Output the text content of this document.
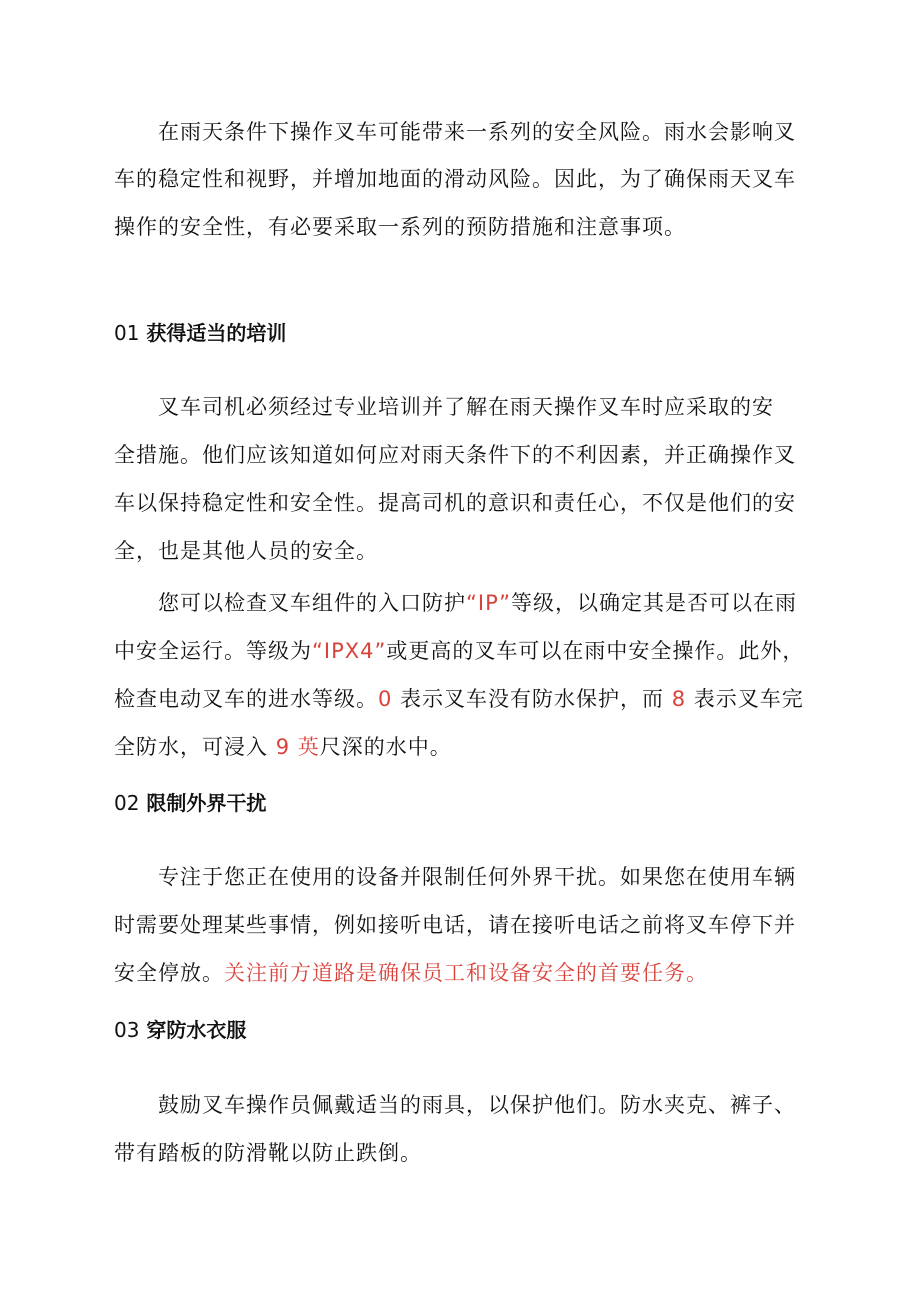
在雨天条件下操作叉车可能带来一系列的安全风险。雨水会影响叉
车的稳定性和视野，并增加地面的滑动风险。因此，为了确保雨天叉车
操作的安全性，有必要采取一系列的预防措施和注意事项。
01 获得适当的培训
叉车司机必须经过专业培训并了解在雨天操作叉车时应采取的安
全措施。他们应该知道如何应对雨天条件下的不利因素，并正确操作叉
车以保持稳定性和安全性。提高司机的意识和责任心，不仅是他们的安
全，也是其他人员的安全。
您可以检查叉车组件的入口防护“IP”等级，以确定其是否可以在雨
中安全运行。等级为“IPX4”或更高的叉车可以在雨中安全操作。此外，
检查电动叉车的进水等级。0 表示叉车没有防水保护，而 8 表示叉车完
全防水，可浸入 9 英尺深的水中。
02 限制外界干扰
专注于您正在使用的设备并限制任何外界干扰。如果您在使用车辆
时需要处理某些事情，例如接听电话，请在接听电话之前将叉车停下并
安全停放。关注前方道路是确保员工和设备安全的首要任务。
03 穿防水衣服
鼓励叉车操作员佩戴适当的雨具，以保护他们。防水夹克、裤子、
带有踏板的防滑靴以防止跌倒。
